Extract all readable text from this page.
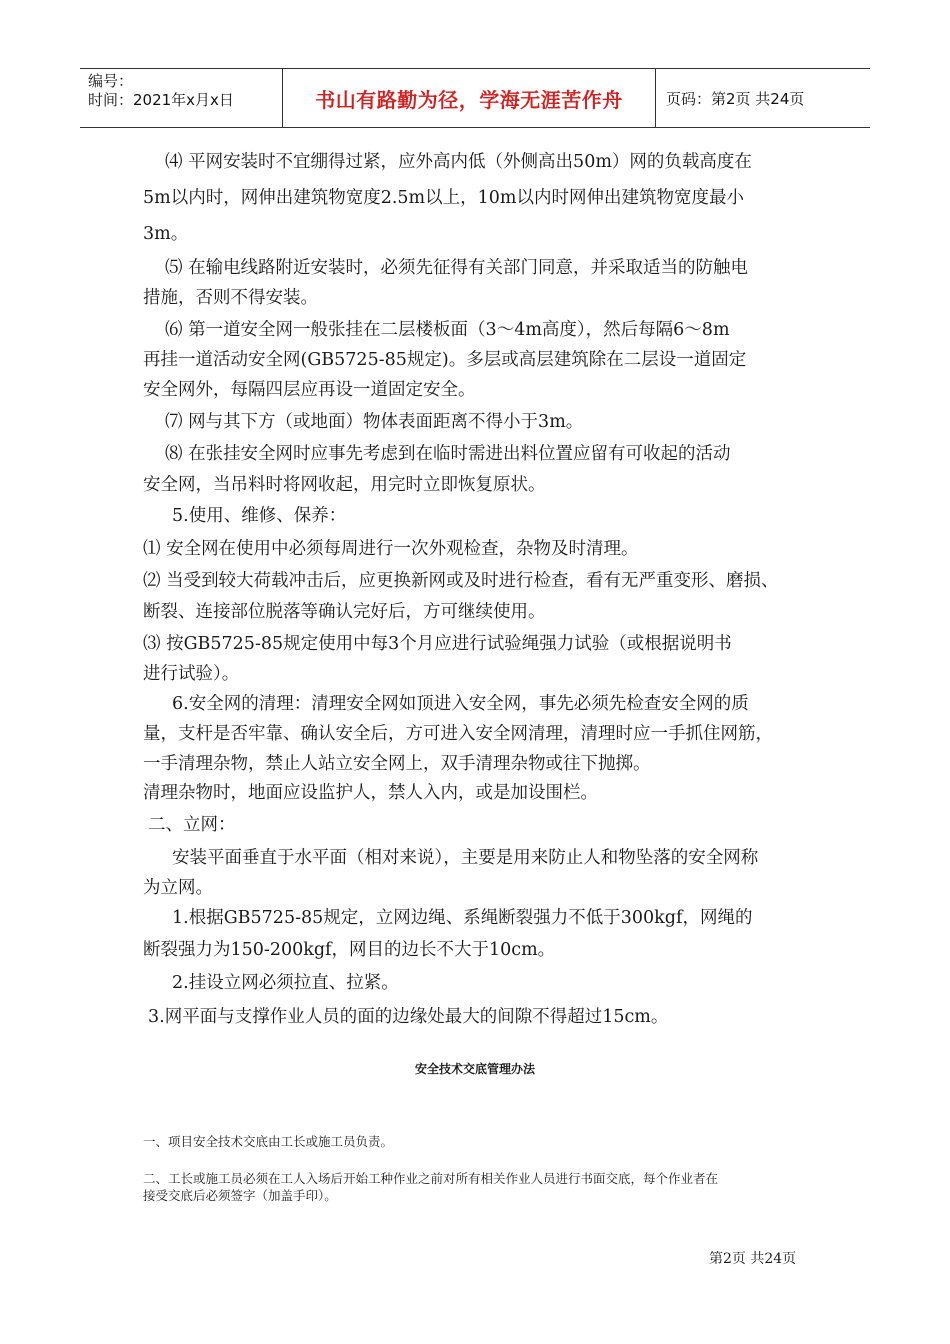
编号：
时间：2021年x月x日	书山有路勤为径，学海无涯苦作舟	页码：第2页 共24页
⑷ 平网安装时不宜绷得过紧，应外高内低（外侧高出50m）网的负载高度在
5m以内时，网伸出建筑物宽度2.5m以上，10m以内时网伸出建筑物宽度最小
3m。
⑸ 在输电线路附近安装时，必须先征得有关部门同意，并采取适当的防触电
措施，否则不得安装。
⑹ 第一道安全网一般张挂在二层楼板面（3～4m高度），然后每隔6～8m
再挂一道活动安全网(GB5725-85规定)。多层或高层建筑除在二层设一道固定
安全网外，每隔四层应再设一道固定安全。
⑺ 网与其下方（或地面）物体表面距离不得小于3m。
⑻ 在张挂安全网时应事先考虑到在临时需进出料位置应留有可收起的活动
安全网，当吊料时将网收起，用完时立即恢复原状。
5.使用、维修、保养：
⑴ 安全网在使用中必须每周进行一次外观检查，杂物及时清理。
⑵ 当受到较大荷载冲击后，应更换新网或及时进行检查，看有无严重变形、磨损、
断裂、连接部位脱落等确认完好后，方可继续使用。
⑶ 按GB5725-85规定使用中每3个月应进行试验绳强力试验（或根据说明书
进行试验）。
6.安全网的清理：清理安全网如顶进入安全网，事先必须先检查安全网的质
量，支杆是否牢靠、确认安全后，方可进入安全网清理，清理时应一手抓住网筋，
一手清理杂物，禁止人站立安全网上，双手清理杂物或往下抛掷。
清理杂物时，地面应设监护人，禁人入内，或是加设围栏。
二、立网：
安装平面垂直于水平面（相对来说），主要是用来防止人和物坠落的安全网称
为立网。
1.根据GB5725-85规定，立网边绳、系绳断裂强力不低于300kgf，网绳的
断裂强力为150-200kgf，网目的边长不大于10cm。
2.挂设立网必须拉直、拉紧。
3.网平面与支撑作业人员的面的边缘处最大的间隙不得超过15cm。
安全技术交底管理办法
一、项目安全技术交底由工长或施工员负责。
二、工长或施工员必须在工人入场后开始工种作业之前对所有相关作业人员进行书面交底，每个作业者在
接受交底后必须签字（加盖手印）。
第2页 共24页
